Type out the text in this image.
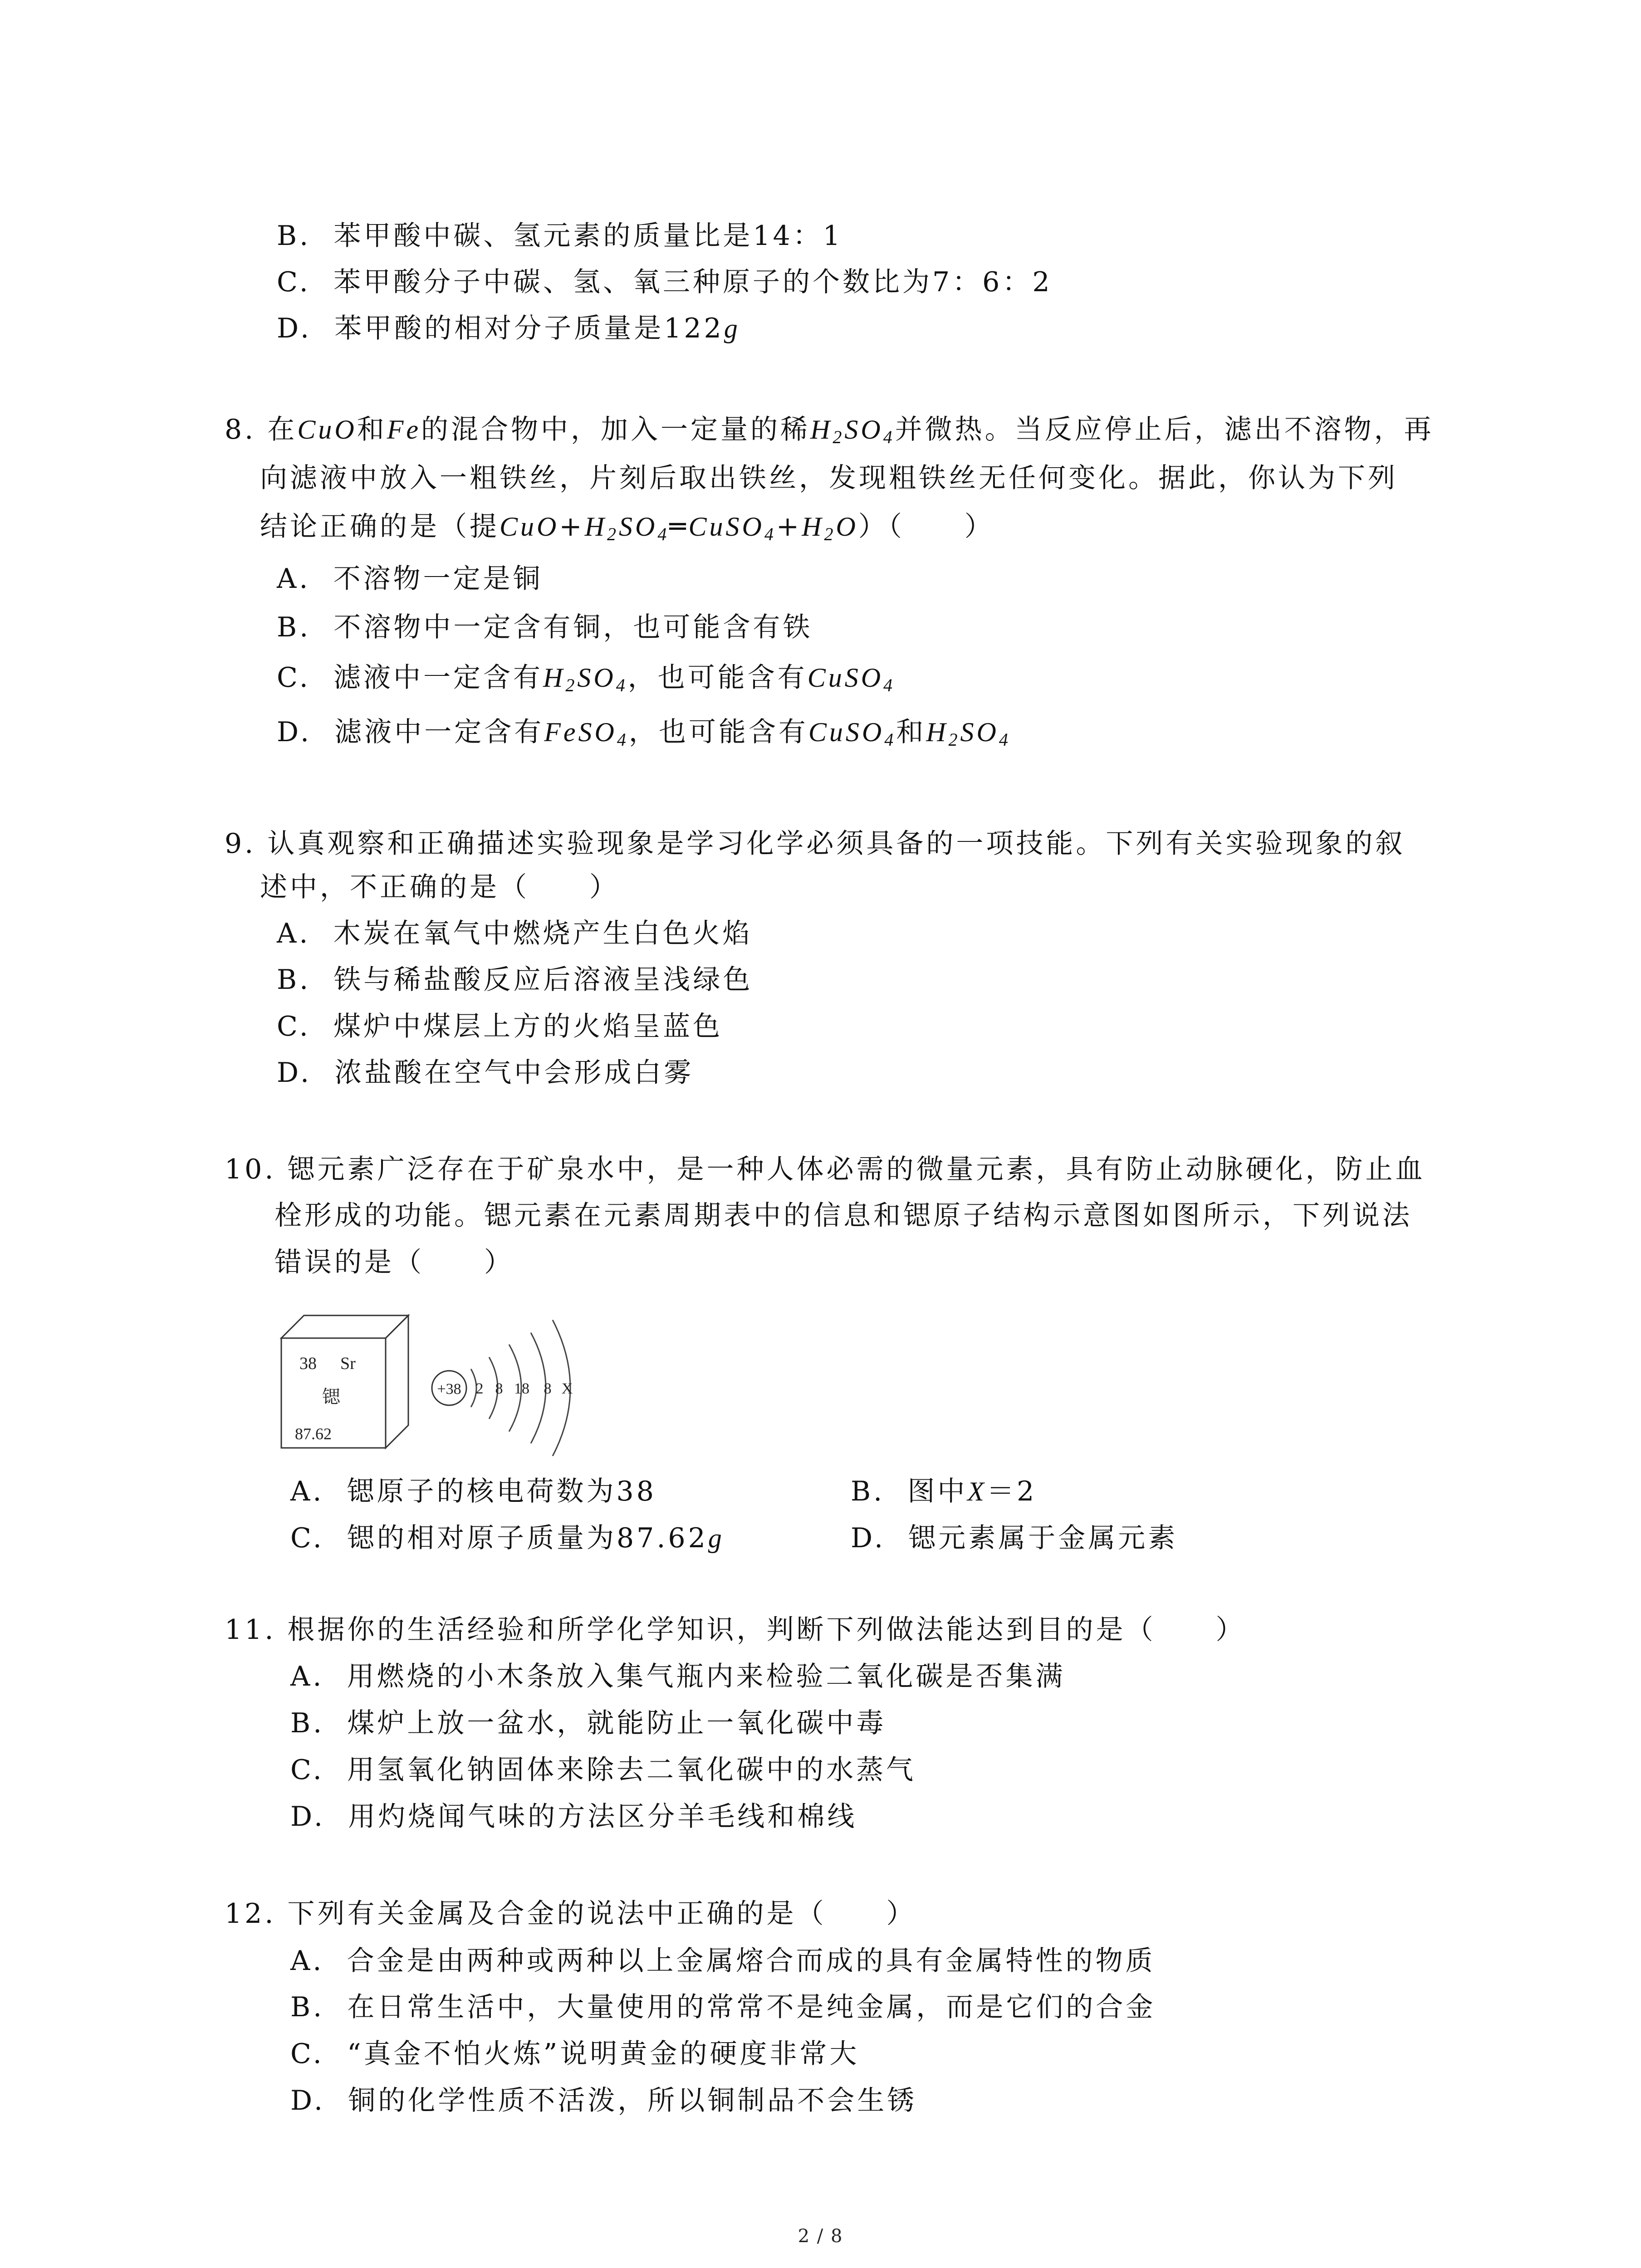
B. 苯甲酸中碳、氢元素的质量比是14：1
C. 苯甲酸分子中碳、氢、氧三种原子的个数比为7：6：2
D. 苯甲酸的相对分子质量是122g
8. 在CuO和Fe的混合物中，加入一定量的稀$H_2SO_4$并微热。当反应停止后，滤出不溶物，再
向滤液中放入一粗铁丝，片刻后取出铁丝，发现粗铁丝无任何变化。据此，你认为下列
结论正确的是（提$CuO+H_2SO_4═CuSO_4+H_2O$）（　　）
A. 不溶物一定是铜
B. 不溶物中一定含有铜，也可能含有铁
C. 滤液中一定含有$H_2SO_4$，也可能含有CuSO$_4$
D. 滤液中一定含有FeSO$_4$，也可能含有CuSO$_4$和$H_2SO_4$
9. 认真观察和正确描述实验现象是学习化学必须具备的一项技能。下列有关实验现象的叙
述中，不正确的是（　　）
A. 木炭在氧气中燃烧产生白色火焰
B. 铁与稀盐酸反应后溶液呈浅绿色
C. 煤炉中煤层上方的火焰呈蓝色
D. 浓盐酸在空气中会形成白雾
10. 锶元素广泛存在于矿泉水中，是一种人体必需的微量元素，具有防止动脉硬化，防止血
栓形成的功能。锶元素在元素周期表中的信息和锶原子结构示意图如图所示，下列说法
错误的是（　　）
38 Sr
锶
87.62
+38 2 8 18 8 X
A. 锶原子的核电荷数为38	B. 图中X＝2
C. 锶的相对原子质量为87.62g	D. 锶元素属于金属元素
11. 根据你的生活经验和所学化学知识，判断下列做法能达到目的是（　　）
A. 用燃烧的小木条放入集气瓶内来检验二氧化碳是否集满
B. 煤炉上放一盆水，就能防止一氧化碳中毒
C. 用氢氧化钠固体来除去二氧化碳中的水蒸气
D. 用灼烧闻气味的方法区分羊毛线和棉线
12. 下列有关金属及合金的说法中正确的是（　　）
A. 合金是由两种或两种以上金属熔合而成的具有金属特性的物质
B. 在日常生活中，大量使用的常常不是纯金属，而是它们的合金
C. “真金不怕火炼”说明黄金的硬度非常大
D. 铜的化学性质不活泼，所以铜制品不会生锈
2 / 8
